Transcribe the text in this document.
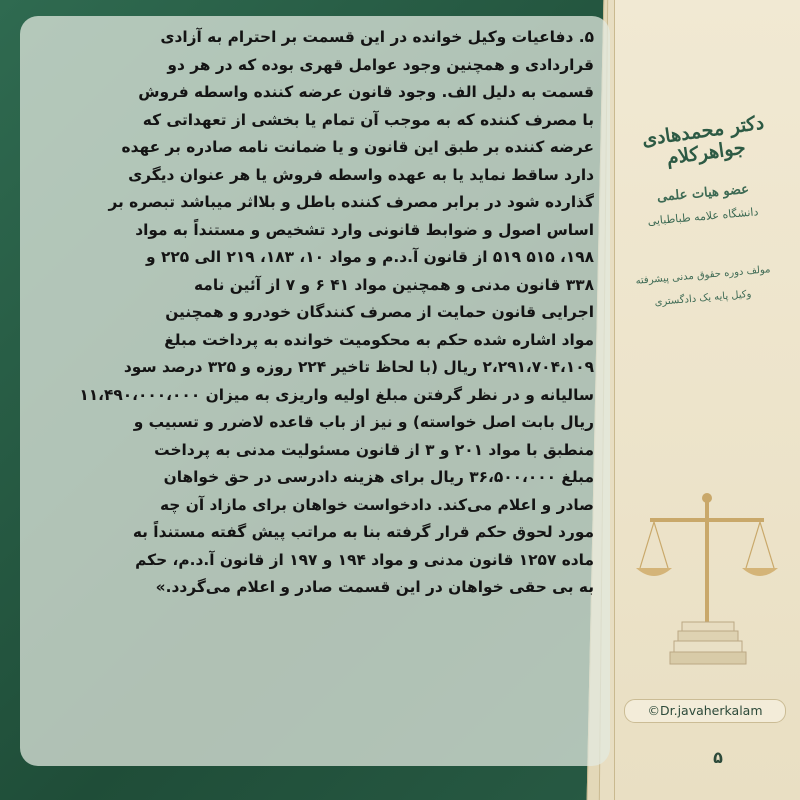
دکتر محمدهادی جواهرکلام
عضو هیات علمی
دانشگاه علامه طباطبایی
مولف دوره حقوق مدنی پیشرفته
وکیل پایه یک دادگستری
©Dr.javaherkalam
۵

۵. دفاعیات وکیل خوانده در این قسمت بر احترام به آزادی
قراردادی و همچنین وجود عوامل قهری بوده که در هر دو
قسمت به دلیل الف. وجود قانون عرضه کننده واسطه فروش
با مصرف کننده که به موجب آن تمام یا بخشی از تعهداتی که
عرضه کننده بر طبق این قانون و یا ضمانت نامه صادره بر عهده
دارد ساقط نماید یا به عهده واسطه فروش یا هر عنوان دیگری
گذارده شود در برابر مصرف کننده باطل و بلااثر میباشد تبصره بر
اساس اصول و ضوابط قانونی وارد تشخیص و مستنداً به مواد
۱۹۸، ۵۱۵ ۵۱۹ از قانون آ.د.م و مواد ۱۰، ۱۸۳، ۲۱۹ الی ۲۲۵ و
۳۳۸ قانون مدنی و همچنین مواد ۴۱ ۶ و ۷ از آئین نامه
اجرایی قانون حمایت از مصرف کنندگان خودرو و همچنین
مواد اشاره شده حکم به محکومیت خوانده به پرداخت مبلغ
۲،۲۹۱،۷۰۴،۱۰۹ ریال (با لحاظ تاخیر ۲۲۴ روزه و ۳۲۵ درصد سود
سالیانه و در نظر گرفتن مبلغ اولیه واریزی به میزان ۱۱،۴۹۰،۰۰۰،۰۰۰
ریال بابت اصل خواسته) و نیز از باب قاعده لاضرر و تسبیب و
منطبق با مواد ۲۰۱ و ۳ از قانون مسئولیت مدنی به پرداخت
مبلغ ۳۶،۵۰۰،۰۰۰ ریال برای هزینه دادرسی در حق خواهان
صادر و اعلام می‌کند. دادخواست خواهان برای مازاد آن چه
مورد لحوق حکم قرار گرفته بنا به مراتب پیش گفته مستنداً به
ماده ۱۲۵۷ قانون مدنی و مواد ۱۹۴ و ۱۹۷ از قانون آ.د.م، حکم
به بی حقی خواهان در این قسمت صادر و اعلام می‌گردد.»
